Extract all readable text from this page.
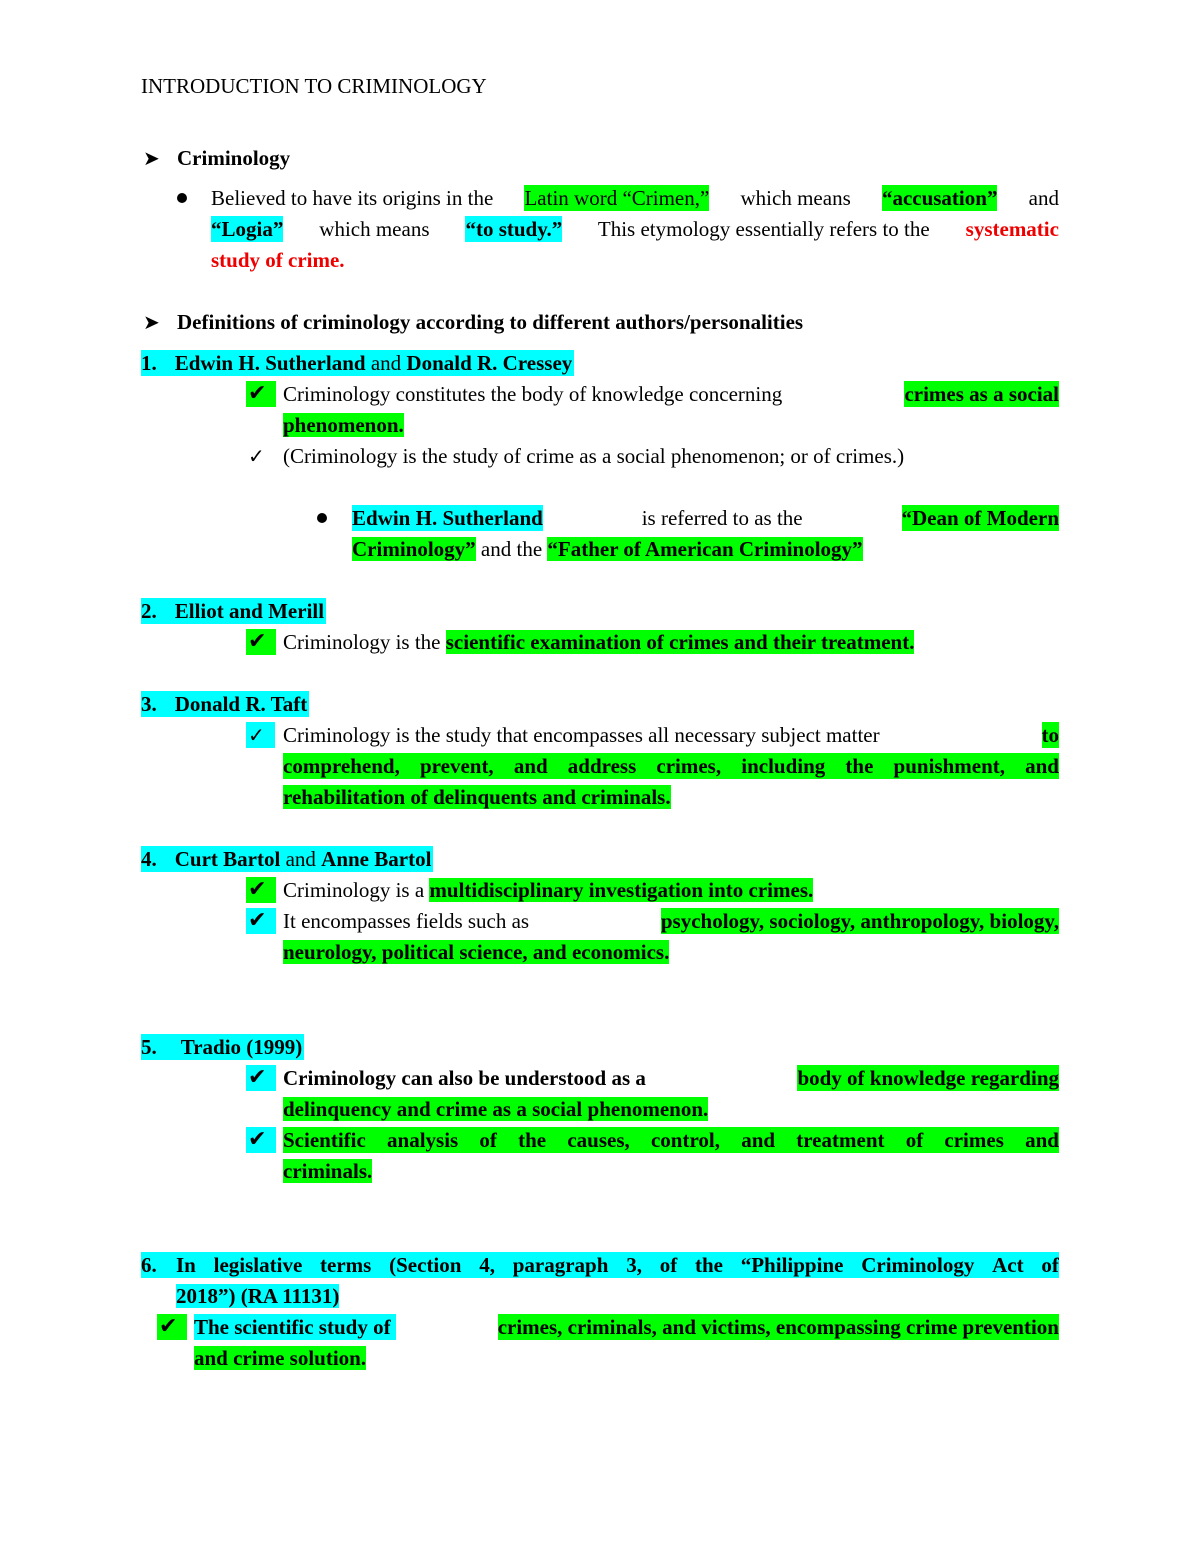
INTRODUCTION TO CRIMINOLOGY
➤ Criminology
Believed to have its origins in the Latin word “Crimen,” which means “accusation” and
“Logia” which means “to study.” This etymology essentially refers to the systematic
study of crime.
➤ Definitions of criminology according to different authors/personalities
1. Edwin H. Sutherland and Donald R. Cressey
✔ Criminology constitutes the body of knowledge concerning	crimes as a social
phenomenon.
✓ (Criminology is the study of crime as a social phenomenon; or of crimes.)
Edwin H. Sutherland	is referred to as the	“Dean of Modern
Criminology” and the “Father of American Criminology”
2. Elliot and Merill
✔ Criminology is the scientific examination of crimes and their treatment.
3. Donald R. Taft
✓ Criminology is the study that encompasses all necessary subject matter	to
comprehend, prevent, and address crimes, including the punishment, and
rehabilitation of delinquents and criminals.
4. Curt Bartol and Anne Bartol
✔ Criminology is a multidisciplinary investigation into crimes.
✔ It encompasses fields such as	psychology, sociology, anthropology, biology,
neurology, political science, and economics.
5. Tradio (1999)
✔ Criminology can also be understood as a	body of knowledge regarding
delinquency and crime as a social phenomenon.
✔ Scientific analysis of the causes, control, and treatment of crimes and
criminals.
6. In legislative terms (Section 4, paragraph 3, of the “Philippine Criminology Act of
2018”) (RA 11131)
✔ The scientific study of	crimes, criminals, and victims, encompassing crime prevention
and crime solution.
